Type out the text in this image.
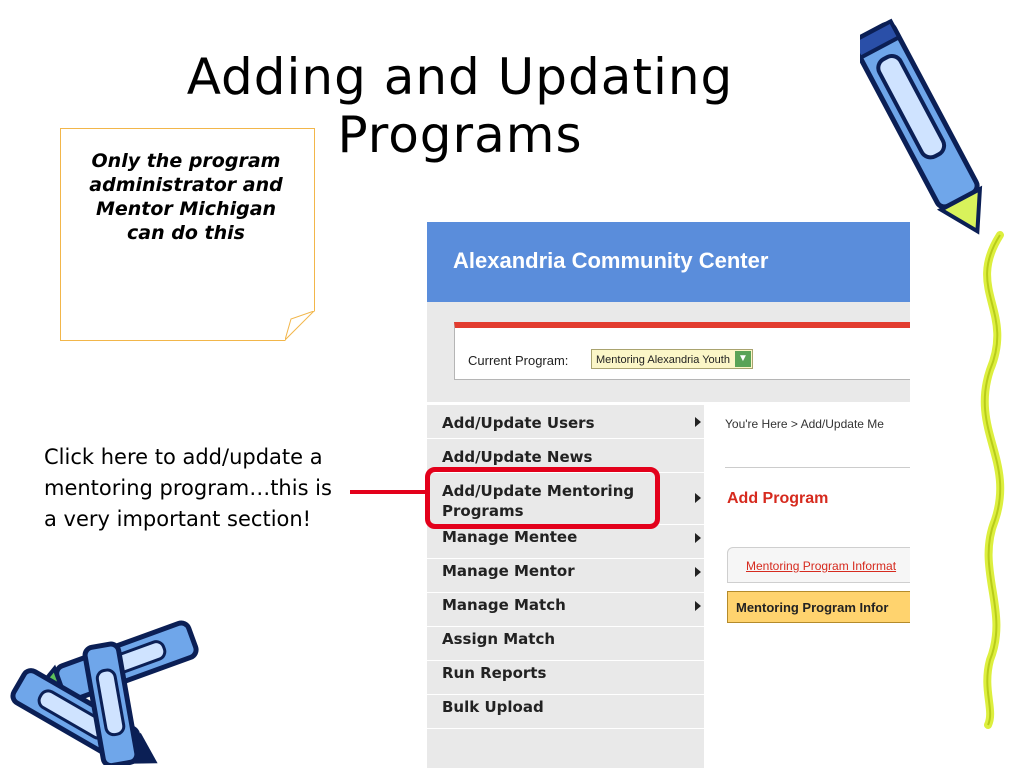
Adding and Updating
Programs
Only the program administrator and Mentor Michigan can do this
Click here to add/update a mentoring program…this is a very important section!
Alexandria Community Center
Current Program:	Mentoring Alexandria Youth ▼
Add/Update Users
Add/Update News
Add/Update Mentoring Programs
Manage Mentee
Manage Mentor
Manage Match
Assign Match
Run Reports
Bulk Upload
You're Here > Add/Update Me
Add Program
Mentoring Program Informat
Mentoring Program Infor
